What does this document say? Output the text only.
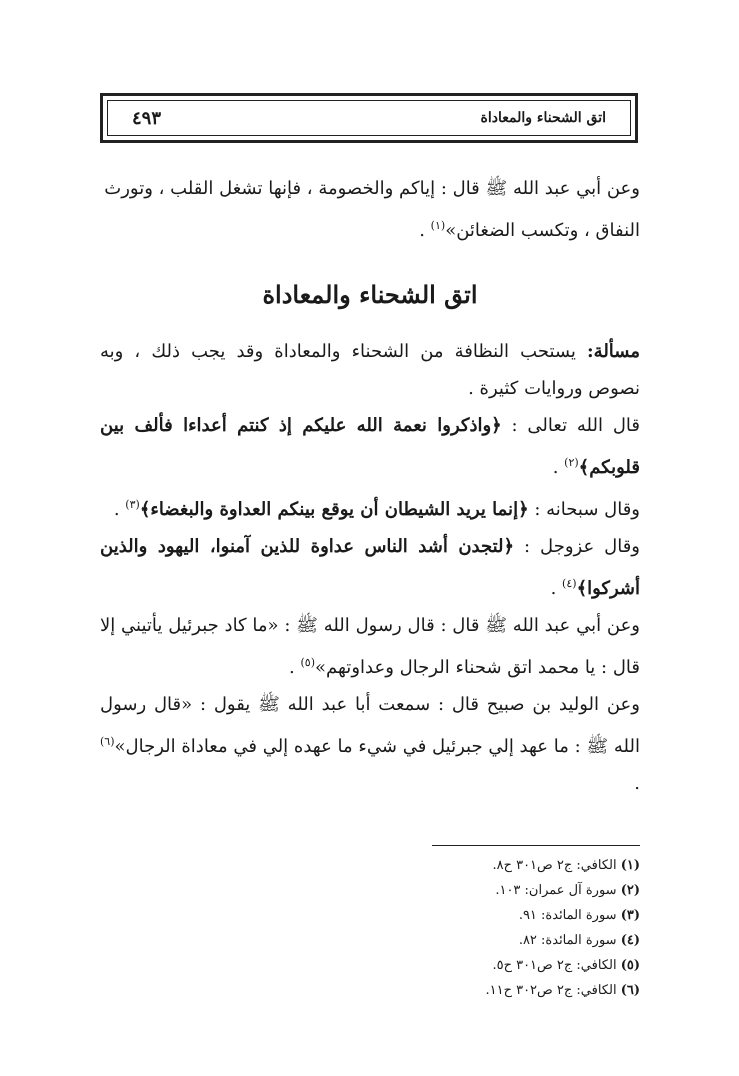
اتق الشحناء والمعاداة
٤٩٣
وعن أبي عبد الله ﷺ قال : إياكم والخصومة ، فإنها تشغل القلب ، وتورث
النفاق ، وتكسب الضغائن»$^{(١)}$ .
اتق الشحناء والمعاداة
مسألة: يستحب النظافة من الشحناء والمعاداة وقد يجب ذلك ، وبه نصوص وروايات كثيرة .
قال الله تعالى : ﴿واذكروا نعمة الله عليكم إذ كنتم أعداءا فألف بين قلوبكم﴾$^{(٢)}$ .
وقال سبحانه : ﴿إنما يريد الشيطان أن يوقع بينكم العداوة والبغضاء﴾$^{(٣)}$ .
وقال عزوجل : ﴿لتجدن أشد الناس عداوة للذين آمنوا، اليهود والذين أشركوا﴾$^{(٤)}$ .
وعن أبي عبد الله ﷺ قال : قال رسول الله ﷺ : «ما كاد جبرئيل يأتيني إلا قال : يا محمد اتق شحناء الرجال وعداوتهم»$^{(٥)}$ .
وعن الوليد بن صبيح قال : سمعت أبا عبد الله ﷺ يقول : «قال رسول الله ﷺ : ما عهد إلي جبرئيل في شيء ما عهده إلي في معاداة الرجال»$^{(٦)}$ .
(١) الكافي: ج٢ ص٣٠١ ح٨.
(٢) سورة آل عمران: ١٠٣.
(٣) سورة المائدة: ٩١.
(٤) سورة المائدة: ٨٢.
(٥) الكافي: ج٢ ص٣٠١ ح٥.
(٦) الكافي: ج٢ ص٣٠٢ ح١١.
